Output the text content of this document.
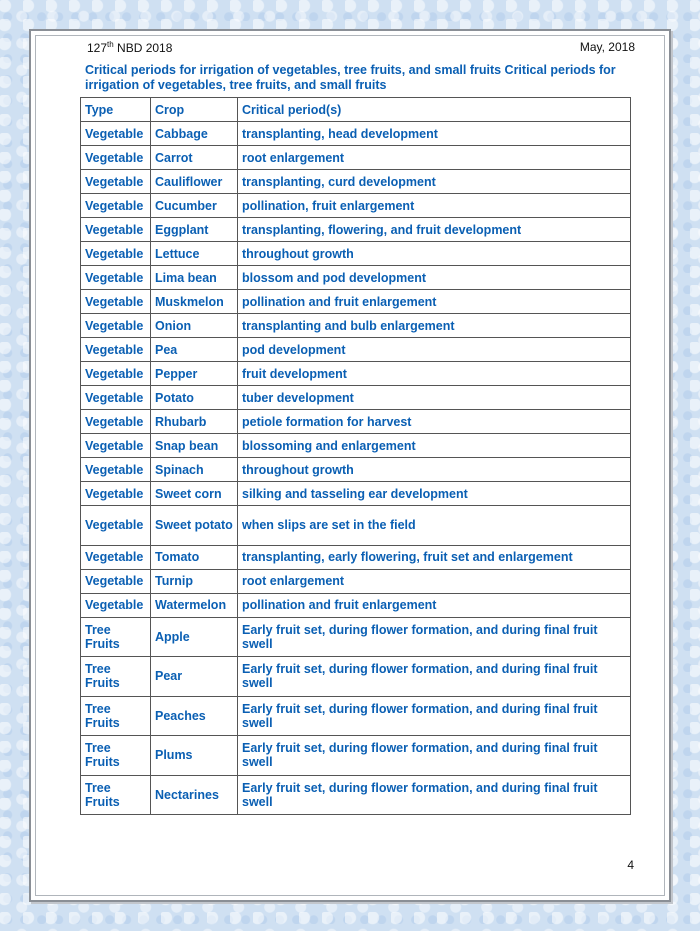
127th NBD 2018	May, 2018
Critical periods for irrigation of vegetables, tree fruits, and small fruits Critical periods for irrigation of vegetables, tree fruits, and small fruits
Type	Crop	Critical period(s)
Vegetable	Cabbage	transplanting, head development
Vegetable	Carrot	root enlargement
Vegetable	Cauliflower	transplanting, curd development
Vegetable	Cucumber	pollination, fruit enlargement
Vegetable	Eggplant	transplanting, flowering, and fruit development
Vegetable	Lettuce	throughout growth
Vegetable	Lima bean	blossom and pod development
Vegetable	Muskmelon	pollination and fruit enlargement
Vegetable	Onion	transplanting and bulb enlargement
Vegetable	Pea	pod development
Vegetable	Pepper	fruit development
Vegetable	Potato	tuber development
Vegetable	Rhubarb	petiole formation for harvest
Vegetable	Snap bean	blossoming and enlargement
Vegetable	Spinach	throughout growth
Vegetable	Sweet corn	silking and tasseling ear development
Vegetable	Sweet potato	when slips are set in the field
Vegetable	Tomato	transplanting, early flowering, fruit set and enlargement
Vegetable	Turnip	root enlargement
Vegetable	Watermelon	pollination and fruit enlargement
Tree Fruits	Apple	Early fruit set, during flower formation, and during final fruit swell
Tree Fruits	Pear	Early fruit set, during flower formation, and during final fruit swell
Tree Fruits	Peaches	Early fruit set, during flower formation, and during final fruit swell
Tree Fruits	Plums	Early fruit set, during flower formation, and during final fruit swell
Tree Fruits	Nectarines	Early fruit set, during flower formation, and during final fruit swell
4
